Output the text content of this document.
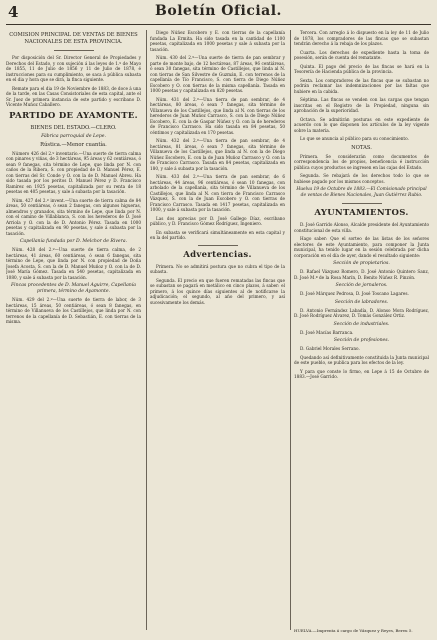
4	Boletín Oficial.
COMISION PRINCIPAL DE VENTAS DE BIENES NACIONALES DE ESTA PROVINCIA.

Por disposición del Sr. Director General de Propiedades y Derechos del Estado, y con sujeción á las leyes de 1.º de Mayo de 1855, 11 de Julio de 1856 y 11 de Julio de 1878, é instrucciones para su cumplimiento, se saca á pública subasta en el dia y hora que se dirá, la finca siguiente.

Remate para el dia 19 de Noviembre de 1883, de doce á una de la tarde, en las Casas Consistoriales de esta capital, ante el Sr. Juez de primera instancia de este partido y escribano D. Vicente Muñoz Caballero.

PARTIDO DE AYAMONTE.
BIENES DEL ESTADO.—CLERO.
Fábrica parroquial de Lepe.
Rústica.—Menor cuantía.

Número 426 del 2.º inventario.—Una suerte de tierra calma con pinares y viñas, de 3 hectáreas, 95 áreas y 62 centiáreas, ó sean 9 fanegas, sita término de Lepe, que linda por N. con caños de la Ribera, S. con propiedad de D. Manuel Pérez, E. con tierras del Sr. Conde y O. con la de D. Manuel Abreu. Ha sido tasada por los peritos D. Manuel Pérez y D. Francisco Ramírez en 1925 pesetas, capitalizada por su renta de 18 pesetas en 405 pesetas, y sale á subasta por la tasación.

Núm. 427 del 2.º invent.—Una suerte de tierra calma de 84 áreas, 50 centiáreas, ó sean 2 fanegas, con algunos higueras, almendros y granados, sita término de Lepe, que linda por N. con el camino de Villablanca, S. con los herederos de D. José Arriola y O. con la de D. Antonio Pérez. Tasada en 1000 pesetas y capitalizada en 90 pesetas, y sale á subasta por la tasación.

Capellanía fundada por D. Melchor de Rivera.

Núm. 428 del 2.º—Una suerte de tierra calma, de 2 hectáreas, 41 áreas, 60 centiáreas, ó sean 6 fanegas, sita término de Lepe, que linda por N. con propiedad de Doña Josefa Acosta, S. con la de D. Manuel Muñoz y O. con la de D. José María Gómez. Tasada en 540 pesetas, capitalizada en 1080, y sale á subasta por la tasación.

Fincas procedentes de D. Manuel Aguirre, Capellanía primera, término de Ayamonte.

Núm. 429 del 2.º—Una suerte de tierra de labor, de 3 hectáreas, 15 áreas, 50 centiáreas, ó sean 8 fanegas, en término de Villanueva de los Castillejos, que linda por N. con terrenos de la capellanía de D. Sebastián, E. con tierras de la misma.

Diego Núñez Escobero y E. con tierras de la capellanía fundada La Ermita. Ha sido tasada en la cantidad de 1100 pesetas, capitalizada en 1000 pesetas y sale á subasta por la tasación.

Núm. 430 del 2.º—Una suerte de tierra de pan sembrar y parte de monte bajo, de 12 hectáreas, 87 áreas, 96 centiáreas, ó sean 30 fanegas, sita término de Castillejos, que linda al N. con tierras de San Silvestre de Guzmán, E. con terrenos de la capellanía de Tío Francisco, S. con tierra de Diego Núñez Escobero y O. con tierras de la misma capellanía. Tasada en 1000 pesetas y capitalizada en 820 pesetas.

Núm. 431 del 2.º—Una tierra de pan sembrar, de 4 hectáreas, 80 áreas, ó sean 7 fanegas, sita término de Villanueva de los Castillejos, que linda al N. con tierras de los herederos de Juan Muñoz Carrasco, S. con la de Diego Núñez Escobero, E. con la de Gaspar Núñez y O. con la de herederos de Francisco Carrasco. Ha sido tasada en 84 pesetas, 50 céntimos y capitalizada en 170 pesetas.

Núm. 432 del 2.º—Una tierra de pan sembrar, de 4 hectáreas, 81 áreas, ó sean 7 fanegas, sita término de Villanueva de los Castillejos, que linda al N. con la de Diego Núñez Escobero, E. con la de Juan Muñoz Carrasco y O. con la de Francisco Carrasco. Tasada en 84 pesetas, capitalizada en 180, y sale á subasta por la tasación.

Núm. 433 del 2.º—Una tierra de pan sembrar, de 6 hectáreas, 44 áreas, 96 centiáreas, ó sean 10 fanegas, con arbolado de la capellanía, sita término de Villanueva de los Castillejos, que linda al N. con tierra de Francisco Carrasco Vázquez, S. con la de Juan Escobero y O. con tierras de Francisco Carrasco. Tasada en 1417 pesetas, capitalizada en 1000, y sale á subasta por la tasación.

Las dos aprecias por D. José Gallego Díaz, escribano público, y D. Francisco Gómez Rodríguez, Ingeniero.

En subasta se verificará simultáneamente en esta capital y en la del partido.

Advertencias.

Primera. No se admitirá postura que no cubra el tipo de la subasta.

Segunda. El precio en que fueren rematadas las fincas que se subastan se pagará en metálico en cinco plazos, á saber: el primero, á los quince días siguientes al de notificarse la adjudicación; el segundo, al año del primero, y así sucesivamente los demás.

Tercera. Con arreglo á lo dispuesto en la ley de 11 de Julio de 1878, los compradores de las fincas que se subastan tendrán derecho á la rebaja de los plazos.

Cuarta. Los derechos de expediente hasta la toma de posesión, serán de cuenta del rematante.

Quinta. El pago del precio de las fincas se hará en la Tesorería de Hacienda pública de la provincia.

Sexta. Los compradores de las fincas que se subastan no podrán reclamar las indemnizaciones por las faltas que hubiere en la cabida.

Séptima. Las fincas se venden con las cargas que tengan inscritas en el Registro de la Propiedad, ninguna sin aprobación de la superioridad.

Octava. Se admitirán posturas en este expediente de acuerdo con lo que disponen los artículos de la ley vigente sobre la materia.

Lo que se anuncia al público para su conocimiento.

NOTAS.

Primera. Se considerarán como documentos de correspondencia los de propios, beneficencia é instrucción pública cuyos productos se ingresen en las cajas del Estado.

Segunda. Se rebajará de los derechos todo lo que se hubiese pagado por los mismos conceptos.

Huelva 19 de Octubre de 1883.—El Comisionado principal de ventas de Bienes Nacionales, Juan Gutiérrez Rubio.
AYUNTAMIENTOS.

D. José Garrido Alonso, Alcalde presidente del Ayuntamiento constitucional de esta villa.

Hago saber: Que el sorteo de las listas de los señores electores de este Ayuntamiento, para componer la Junta municipal, ha tenido lugar en la sesión celebrada por dicha corporación en el día de ayer, dando el resultado siguiente:

Sección de propietarios.

D. Rafael Vázquez Romero, D. José Antonio Quintero Sanz, D. José M.ª de la Rosa Marín, D. Benito Núñez R. Pinzón.

Sección de jornaleros.

D. José Márquez Pedrosa, D. José Toscano Lagares.

Sección de labradores.

D. Antonio Fernández Labadía, D. Alonso Mora Rodríguez, D. José Rodríguez Alvarez, D. Tomás González Ortiz.

Sección de industriales.

D. José Macías Barranca.

Sección de profesiones.

D. Gabriel Morales Serrano.

Quedando así definitivamente constituida la Junta municipal de este pueblo, se publica para los efectos de la ley.

Y para que conste lo firmo, en Lepe á 15 de Octubre de 1883.—José Garrido.

HUELVA.—Imprenta á cargo de Vázquez y Reyes, Bereu 5.
